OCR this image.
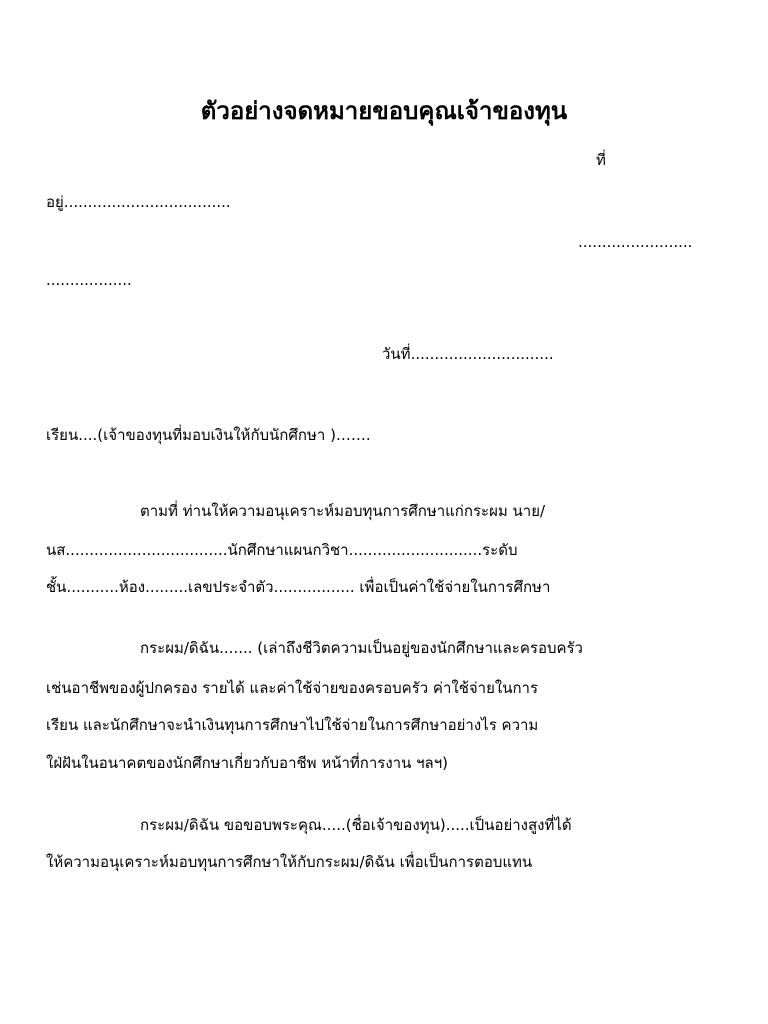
ตัวอย่างจดหมายขอบคุณเจ้าของทุน
ที่
อยู่...................................
........................
..................
วันที่..............................
เรียน....(เจ้าของทุนที่มอบเงินให้กับนักศึกษา )…….
ตามที่ ท่านให้ความอนุเคราะห์มอบทุนการศึกษาแก่กระผม นาย/
นส..................................นักศึกษาแผนกวิชา............................ระดับ
ชั้น...........ห้อง.........เลขประจำตัว................. เพื่อเป็นค่าใช้จ่ายในการศึกษา
กระผม/ดิฉัน....... (เล่าถึงชีวิตความเป็นอยู่ของนักศึกษาและครอบครัว
เช่นอาชีพของผู้ปกครอง รายได้ และค่าใช้จ่ายของครอบครัว ค่าใช้จ่ายในการ
เรียน และนักศึกษาจะนำเงินทุนการศึกษาไปใช้จ่ายในการศึกษาอย่างไร ความ
ใฝ่ฝันในอนาคตของนักศึกษาเกี่ยวกับอาชีพ หน้าที่การงาน ฯลฯ)
กระผม/ดิฉัน ขอขอบพระคุณ.....(ชื่อเจ้าของทุน).....เป็นอย่างสูงที่ได้
ให้ความอนุเคราะห์มอบทุนการศึกษาให้กับกระผม/ดิฉัน เพื่อเป็นการตอบแทน
